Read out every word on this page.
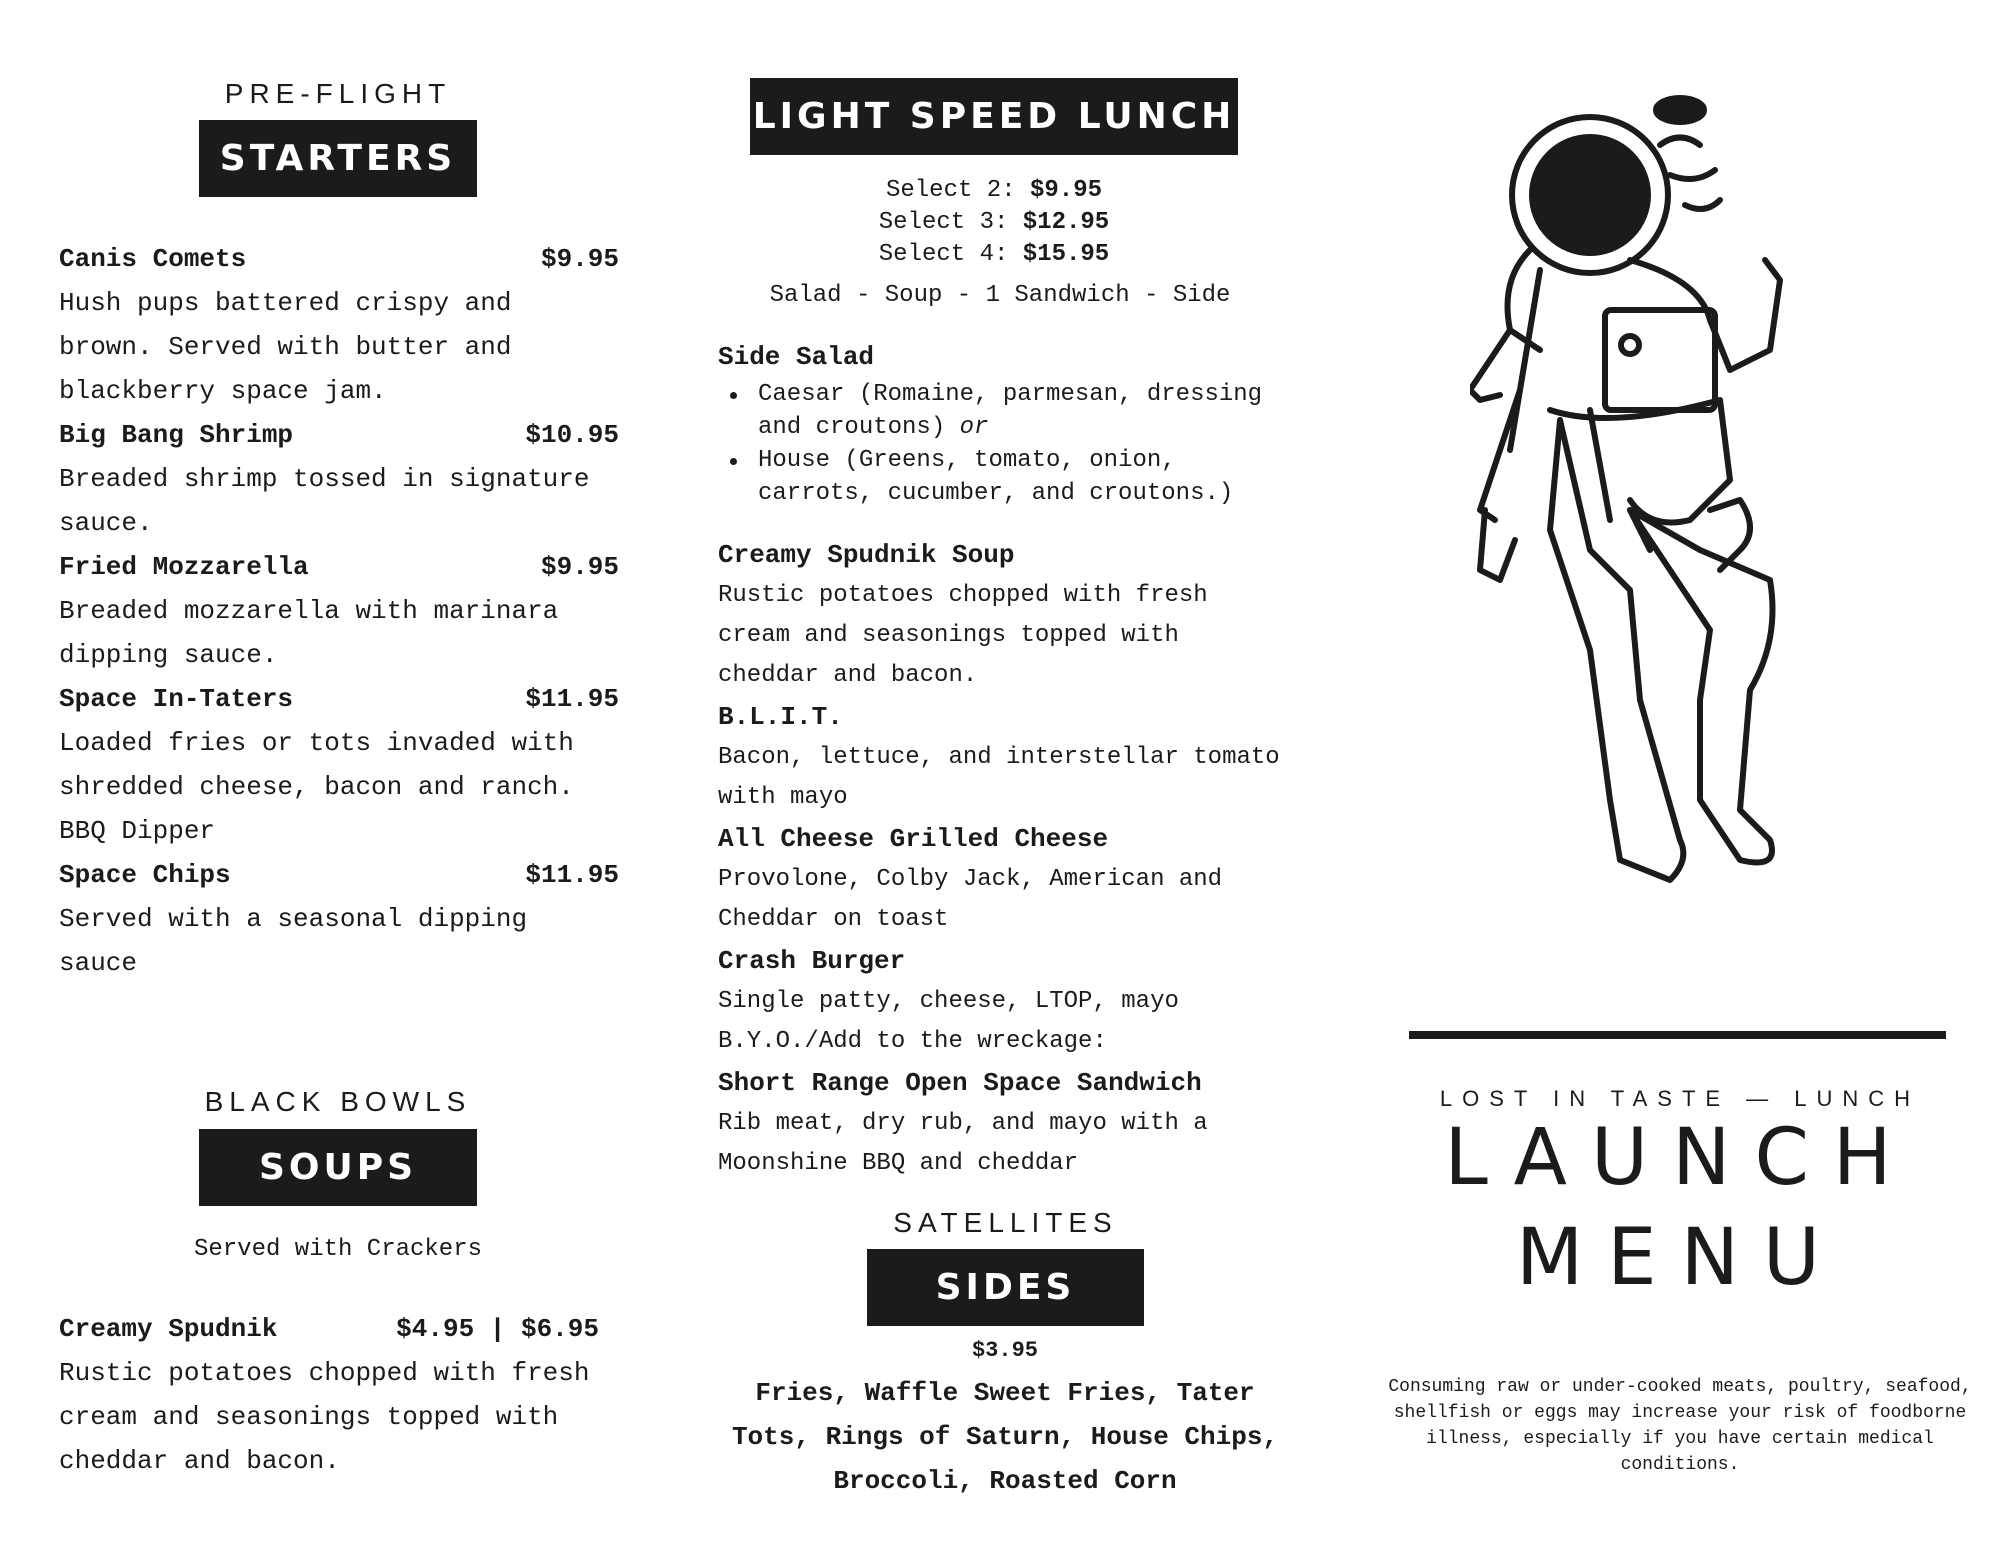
PRE-FLIGHT
STARTERS
Canis Comets	$9.95
Hush pups battered crispy and brown. Served with butter and blackberry space jam.
Big Bang Shrimp	$10.95
Breaded shrimp tossed in signature sauce.
Fried Mozzarella	$9.95
Breaded mozzarella with marinara dipping sauce.
Space In-Taters	$11.95
Loaded fries or tots invaded with shredded cheese, bacon and ranch. BBQ Dipper
Space Chips	$11.95
Served with a seasonal dipping sauce
BLACK BOWLS
SOUPS
Served with Crackers
Creamy Spudnik	$4.95 | $6.95
Rustic potatoes chopped with fresh cream and seasonings topped with cheddar and bacon.
LIGHT SPEED LUNCH
Select 2: $9.95
Select 3: $12.95
Select 4: $15.95
Salad - Soup - 1 Sandwich - Side
Side Salad
Caesar (Romaine, parmesan, dressing and croutons) or
House (Greens, tomato, onion, carrots, cucumber, and croutons.)
Creamy Spudnik Soup
Rustic potatoes chopped with fresh cream and seasonings topped with cheddar and bacon.
B.L.I.T.
Bacon, lettuce, and interstellar tomato with mayo
All Cheese Grilled Cheese
Provolone, Colby Jack, American and Cheddar on toast
Crash Burger
Single patty, cheese, LTOP, mayo
B.Y.O./Add to the wreckage:
Short Range Open Space Sandwich
Rib meat, dry rub, and mayo with a Moonshine BBQ and cheddar
SATELLITES
SIDES
$3.95
Fries, Waffle Sweet Fries, Tater
Tots, Rings of Saturn, House Chips,
Broccoli, Roasted Corn
LOST IN TASTE — LUNCH
LAUNCH
MENU
Consuming raw or under-cooked meats, poultry, seafood, shellfish or eggs may increase your risk of foodborne illness, especially if you have certain medical conditions.
